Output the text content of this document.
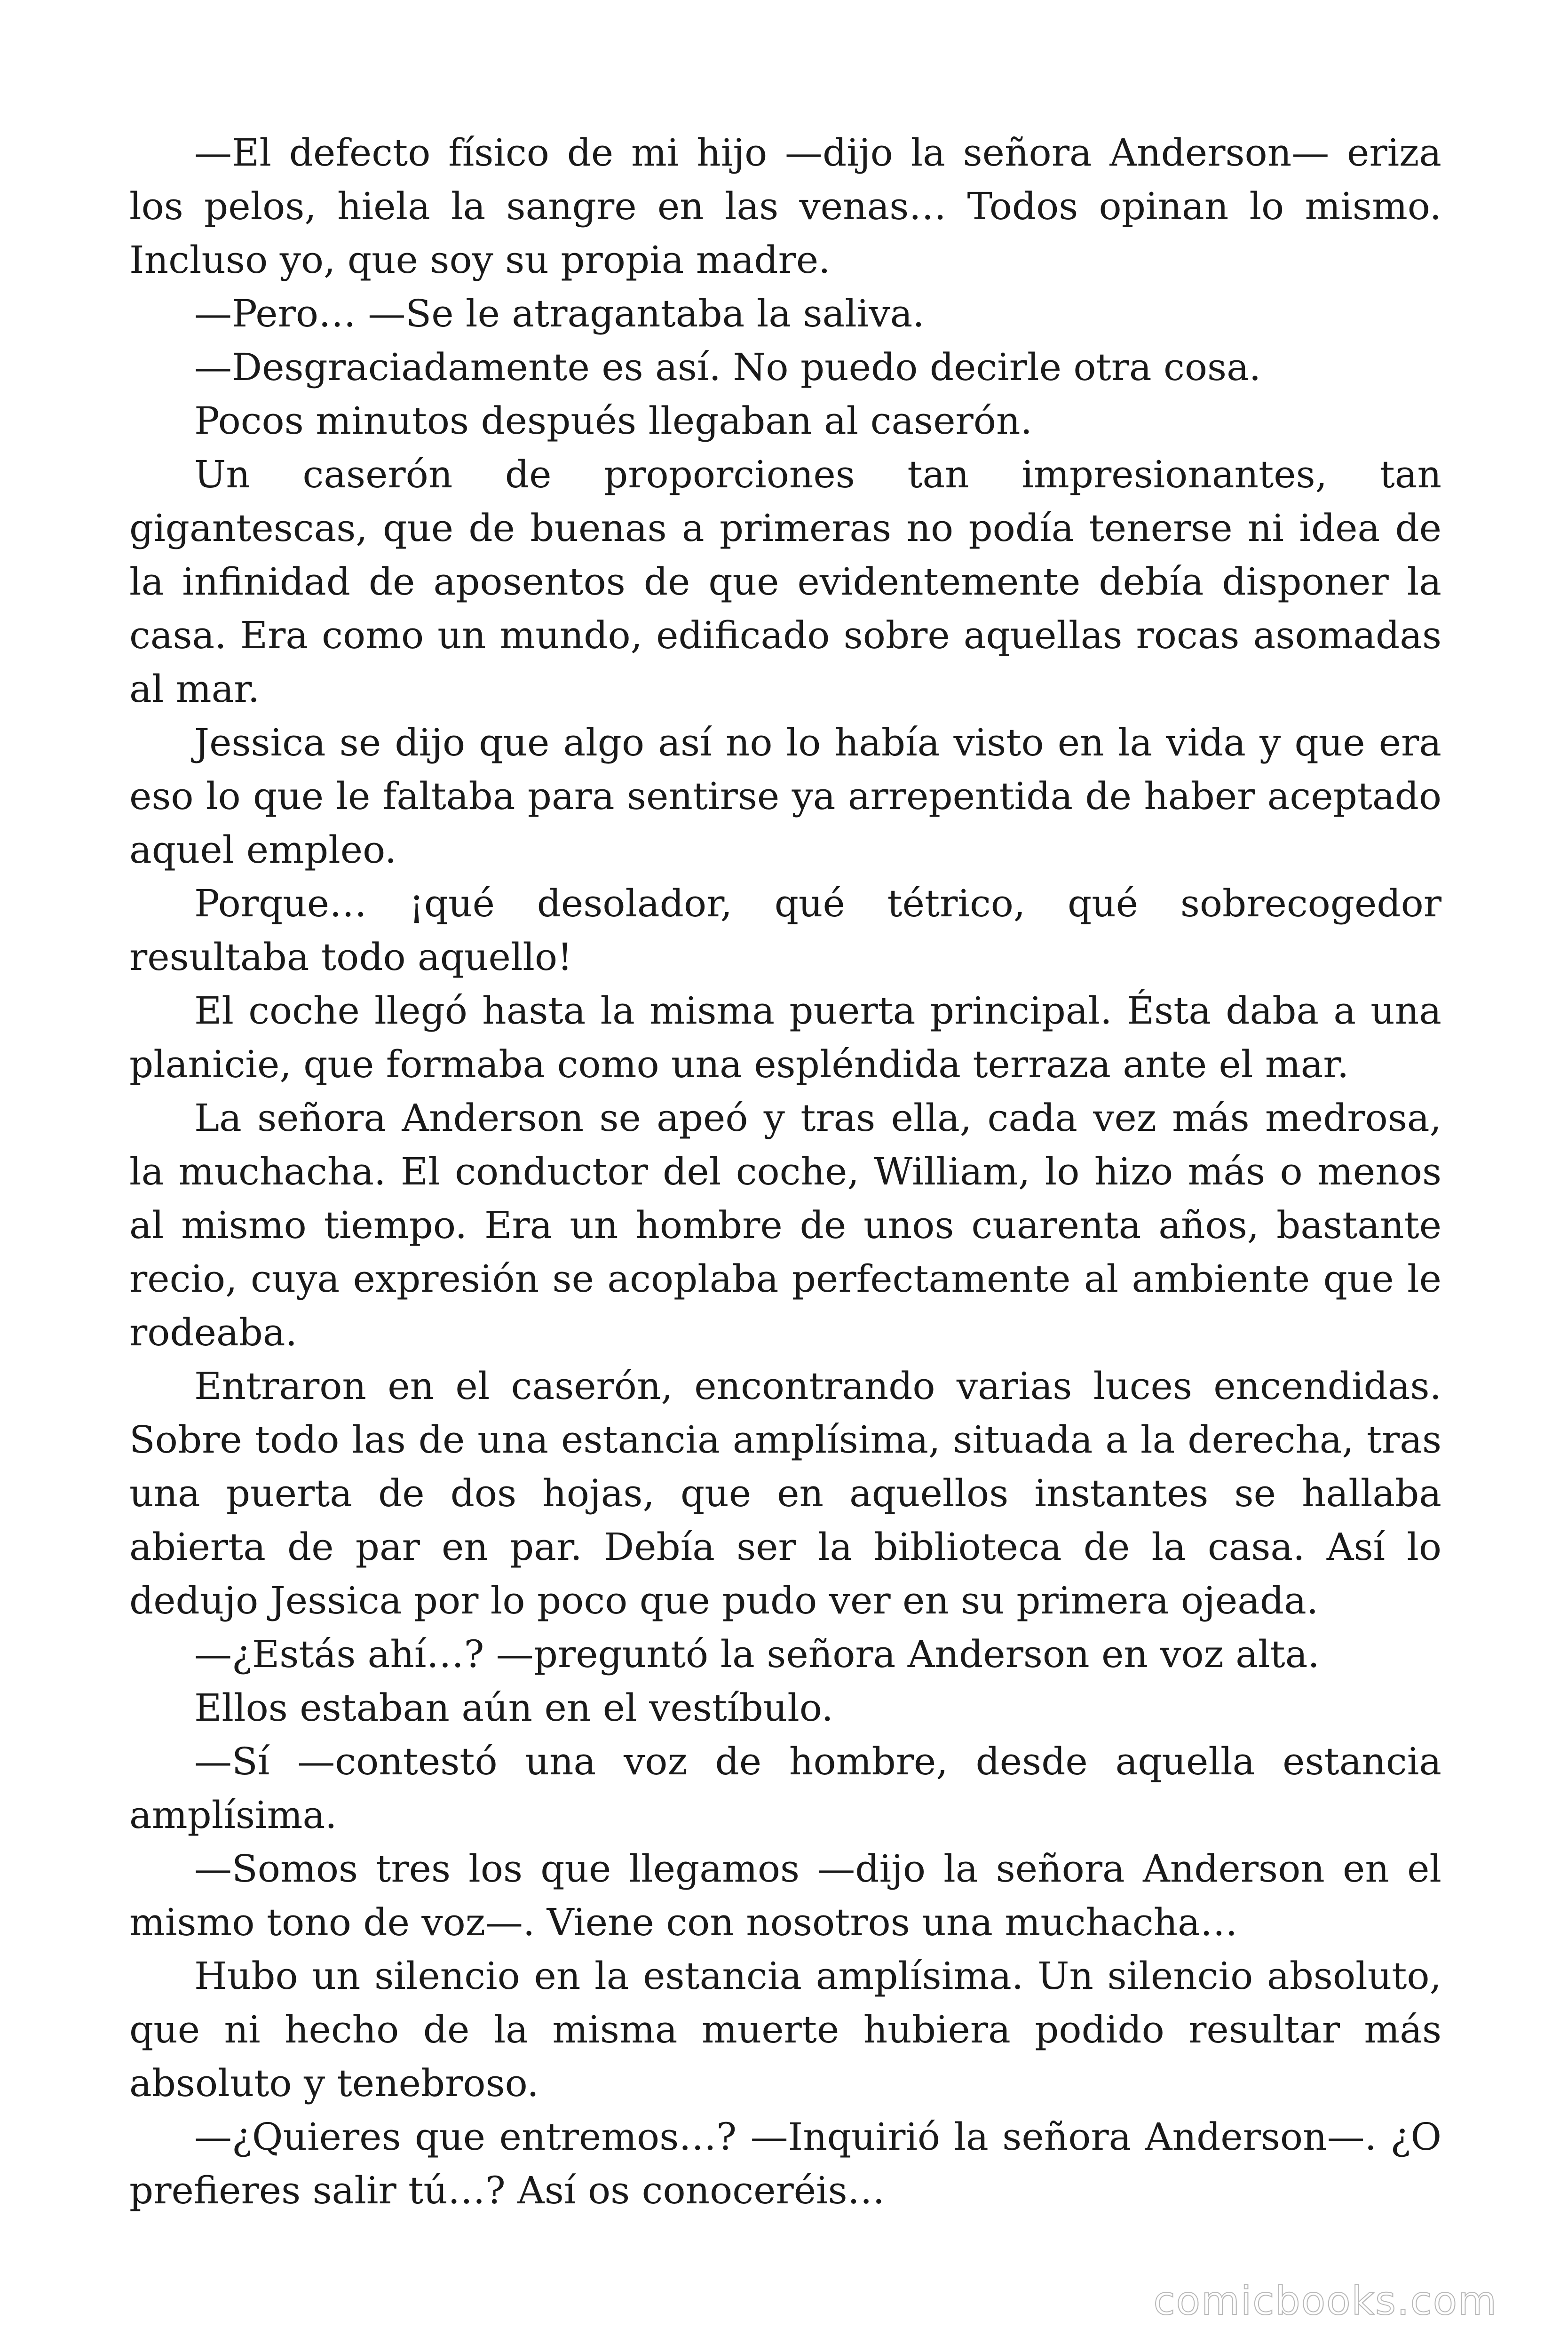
—El defecto físico de mi hijo —dijo la señora Anderson— eriza los pelos, hiela la sangre en las venas… Todos opinan lo mismo. Incluso yo, que soy su propia madre.

—Pero… —Se le atragantaba la saliva.

—Desgraciadamente es así. No puedo decirle otra cosa.

Pocos minutos después llegaban al caserón.

Un caserón de proporciones tan impresionantes, tan gigantescas, que de buenas a primeras no podía tenerse ni idea de la infinidad de aposentos de que evidentemente debía disponer la casa. Era como un mundo, edificado sobre aquellas rocas asomadas al mar.

Jessica se dijo que algo así no lo había visto en la vida y que era eso lo que le faltaba para sentirse ya arrepentida de haber aceptado aquel empleo.

Porque… ¡qué desolador, qué tétrico, qué sobrecogedor resultaba todo aquello!

El coche llegó hasta la misma puerta principal. Ésta daba a una planicie, que formaba como una espléndida terraza ante el mar.

La señora Anderson se apeó y tras ella, cada vez más medrosa, la muchacha. El conductor del coche, William, lo hizo más o menos al mismo tiempo. Era un hombre de unos cuarenta años, bastante recio, cuya expresión se acoplaba perfectamente al ambiente que le rodeaba.

Entraron en el caserón, encontrando varias luces encendidas. Sobre todo las de una estancia amplísima, situada a la derecha, tras una puerta de dos hojas, que en aquellos instantes se hallaba abierta de par en par. Debía ser la biblioteca de la casa. Así lo dedujo Jessica por lo poco que pudo ver en su primera ojeada.

—¿Estás ahí…? —preguntó la señora Anderson en voz alta.

Ellos estaban aún en el vestíbulo.

—Sí —contestó una voz de hombre, desde aquella estancia amplísima.

—Somos tres los que llegamos —dijo la señora Anderson en el mismo tono de voz—. Viene con nosotros una muchacha…

Hubo un silencio en la estancia amplísima. Un silencio absoluto, que ni hecho de la misma muerte hubiera podido resultar más absoluto y tenebroso.

—¿Quieres que entremos…? —Inquirió la señora Anderson—. ¿O prefieres salir tú…? Así os conoceréis…

comicbooks.com
